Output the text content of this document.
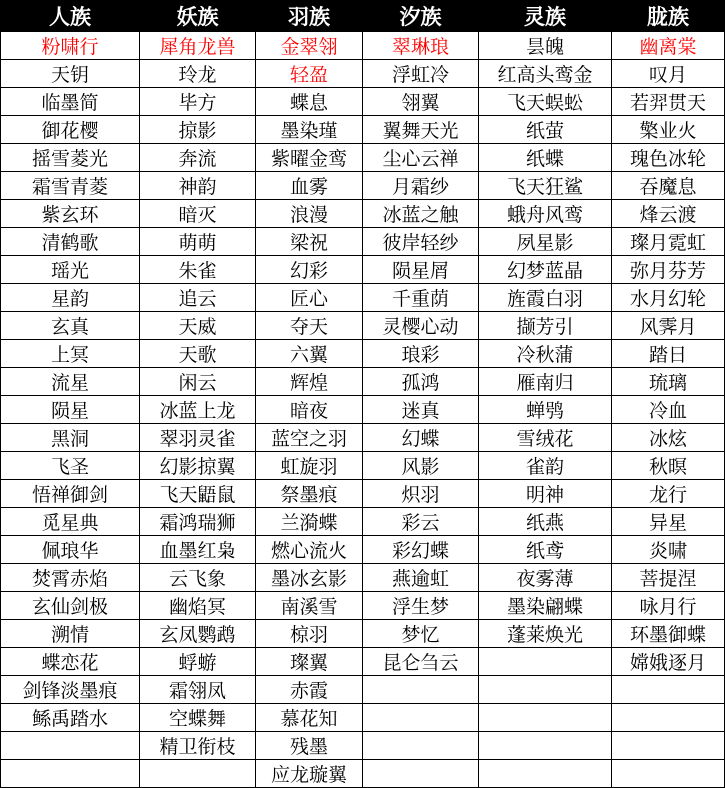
人族	妖族	羽族	汐族	灵族	胧族
粉啸行	犀角龙兽	金翠翎	翠琳琅	昙魄	幽离棠
天钥	玲龙	轻盈	浮虹冷	红高头鸾金	叹月
临墨简	毕方	蝶息	翎翼	飞天蜈蚣	若羿贯天
御花樱	掠影	墨染瑾	翼舞天光	纸萤	檠业火
摇雪菱光	奔流	紫曜金鸾	尘心云禅	纸蝶	瑰色冰轮
霜雪青菱	神韵	血雾	月霜纱	飞天狂鲨	吞魔息
紫玄环	暗灭	浪漫	冰蓝之触	蛾舟风鸾	烽云渡
清鹤歌	萌萌	梁祝	彼岸轻纱	夙星影	璨月霓虹
瑶光	朱雀	幻彩	陨星屑	幻梦蓝晶	弥月芬芳
星韵	追云	匠心	千重荫	旌霞白羽	水月幻轮
玄真	天威	夺天	灵樱心动	撷芳引	风霁月
上冥	天歌	六翼	琅彩	冷秋蒲	踏日
流星	闲云	辉煌	孤鸿	雁南归	琉璃
陨星	冰蓝上龙	暗夜	迷真	蝉鸮	冷血
黑洞	翠羽灵雀	蓝空之羽	幻蝶	雪绒花	冰炫
飞圣	幻影掠翼	虹旋羽	风影	雀韵	秋暝
悟禅御剑	飞天鼯鼠	祭墨痕	炽羽	明神	龙行
觅星典	霜鸿瑞狮	兰漪蝶	彩云	纸燕	异星
佩琅华	血墨红枭	燃心流火	彩幻蝶	纸鸢	炎啸
焚霄赤焰	云飞象	墨冰玄影	燕逾虹	夜雾薄	菩提涅
玄仙剑极	幽焰冥	南溪雪	浮生梦	墨染翩蝶	咏月行
溯情	玄凤鹦鹉	椋羽	梦忆	蓬莱焕光	环墨御蝶
蝶恋花	蜉蝣	璨翼	昆仑刍云		嫦娥逐月
剑锋淡墨痕	霜翎凤	赤霞			
鲧禹踏水	空蝶舞	慕花知			
	精卫衔枝	残墨			
		应龙璇翼			
